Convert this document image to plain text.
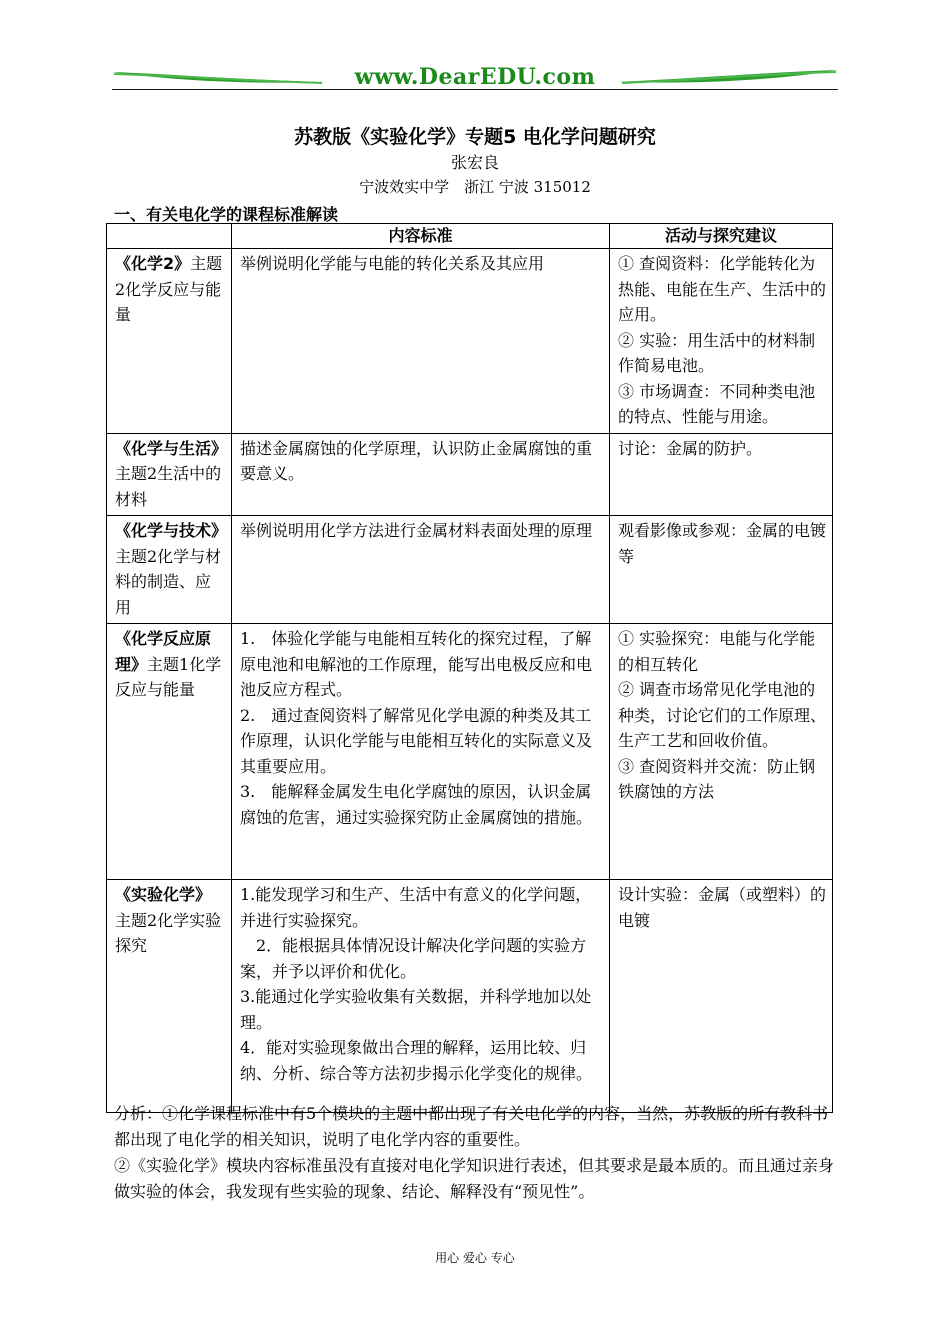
www.DearEDU.com
苏教版《实验化学》专题5 电化学问题研究
张宏良
宁波效实中学　浙江 宁波 315012
一、有关电化学的课程标准解读
	内容标准	活动与探究建议
《化学2》主题2化学反应与能量	举例说明化学能与电能的转化关系及其应用	① 查阅资料：化学能转化为热能、电能在生产、生活中的应用。
② 实验：用生活中的材料制作简易电池。
③ 市场调查：不同种类电池的特点、性能与用途。

《化学与生活》主题2生活中的材料	描述金属腐蚀的化学原理，认识防止金属腐蚀的重要意义。	讨论：金属的防护。

《化学与技术》主题2化学与材料的制造、应用	举例说明用化学方法进行金属材料表面处理的原理	观看影像或参观：金属的电镀等

《化学反应原理》主题1化学反应与能量	1.　体验化学能与电能相互转化的探究过程，了解原电池和电解池的工作原理，能写出电极反应和电池反应方程式。
2.　通过查阅资料了解常见化学电源的种类及其工作原理，认识化学能与电能相互转化的实际意义及其重要应用。
3.　能解释金属发生电化学腐蚀的原因，认识金属腐蚀的危害，通过实验探究防止金属腐蚀的措施。	① 实验探究：电能与化学能的相互转化
② 调查市场常见化学电池的种类，讨论它们的工作原理、生产工艺和回收价值。
③ 查阅资料并交流：防止钢铁腐蚀的方法

《实验化学》主题2化学实验探究	1.能发现学习和生产、生活中有意义的化学问题，并进行实验探究。
　2．能根据具体情况设计解决化学问题的实验方案，并予以评价和优化。
3.能通过化学实验收集有关数据，并科学地加以处理。
4．能对实验现象做出合理的解释，运用比较、归纳、分析、综合等方法初步揭示化学变化的规律。	设计实验：金属（或塑料）的电镀

分析：①化学课程标准中有5个模块的主题中都出现了有关电化学的内容，当然，苏教版的所有教科书都出现了电化学的相关知识，说明了电化学内容的重要性。

②《实验化学》模块内容标准虽没有直接对电化学知识进行表述，但其要求是最本质的。而且通过亲身做实验的体会，我发现有些实验的现象、结论、解释没有“预见性”。

用心 爱心 专心
